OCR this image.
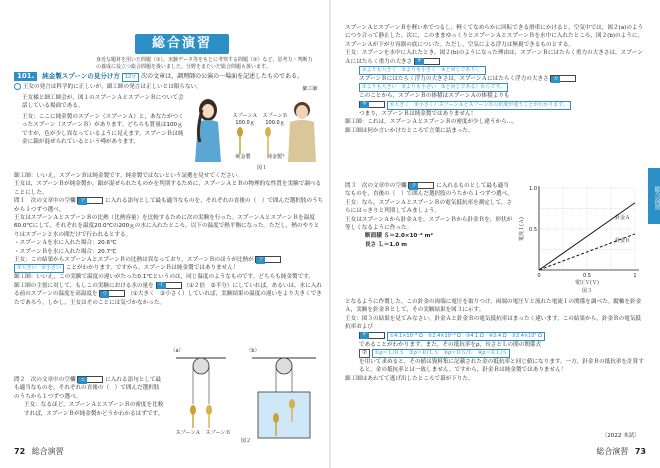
総合演習
身近な題材を用いた問題（①），実験データ等をもとに考察する問題（②）など，思考力・判断力の養成に役立つ総合問題を扱いました。分野をまたいだ総合問題も扱います。
101. 純金製スプーンの見分け方 12分 次の文章は，調理師の公演の一場面を記述したものである。
王女の発言は科学的に正しいが，細工師の発言は正しいとは限らない。
王女様と細工師会が，図１のスプーンＡとスプーンＢについて会話している場面である。
王女：ここに純金製のスプーン（スプーンＡ）と，あなたがつくったスプーン（スプーンＢ）があります。どちらも質量は100ｇですが，色が少し異なっているように見えます。スプーンＢは純金に銀が混ぜられているという噂があります。
スプーンＡ
100.0ｇ
スプーンＢ
100.0ｇ
純金製	純金製？
細工師
図１
細工師：いいえ，スプーンＢは純金製です。純金製ではないという証拠を見せてください。
王女は，スプーンＢが純金製か，銀が混ぜられたものかを判別するために，スプーンＡとＢの物理的な性質を実験で調べることにした。
問１　次の文章中の空欄 ア	に入れる語句として最も適当なものを，それぞれの直後の（　）で囲んだ選択肢のうちから１つずつ選べ。
王女はスプーンＡとスプーンＢの比熱（比熱容量）を比較するために次の実験を行った。スプーンＡとスプーンＢを温度60.0℃にして，それぞれを温度20.0℃の200ｇの水に入れたところ，以下の温度で熱平衡になった。ただし，熱のやりとりはスプーンと水の間だけで行われるとする。
・スプーンＡを水に入れた場合：20.6℃
・スプーンＢを水に入れた場合：20.7℃
王女：この結果からスプーンＡとスプーンＢの比熱は異なっており，スプーンＢのほうが比熱が ア
①大きい　②小さい ことがわかります。ですから，スプーンＢは純金製ではありません！
細工師：いいえ，この実験で温度の違いがたった0.1℃というのは，同じ温度のようなものです。どちらも純金製です。
細工師の主張に対して，もしこの実験における水の量を イ	（①２倍　②半分）にしていれば，あるいは，水に入れる前のスプーンの温度を高温度を ウ	（①大きく　②小さく）していれば，実験結果の温度の違いをより大きくできたであろう。しかし，王女はそのことには気づかなかった。
問２　次の文章中の空欄 エ	に入れる語句として最も適当なものを，それぞれの直後の（　）で囲んだ選択肢のうちから１つずつ選べ。
王女：なるほど，スプーンＡとスプーンＢの密度を比較すれば，スプーンＢが純金製かどうかわかるはずです。
（a）	（b）
スプーンＡ	スプーンＢ
図２
72 総合演習
スプーンＡとスプーンＢを軽い糸でつるし，軽くてなめらかに回転できる滑車にかけると，空気中では，図２(a)のようにつり合って静止した。次に，このままゆっくりとスプーンＡとスプーンＢを水中に入れたところ，図２(b)のように，スプーンＡが下がり容器の底についた。ただし，空気による浮力は無視できるものとする。
王女：スプーンを水中に入れたとき，図２(b)のようになった理由は，スプーンＢにはたらく重力の大きさは，スプーンＡにはたらく重力の大きさ オ
①よりも大きく　②よりも小さく　③と同じであり），
スプーンＢにはたらく浮力の大きさは，スプーンＡにはたらく浮力の大きさ カ
①よりも大きい　②よりも小さい　③と同じである）からです。
このことから，スプーンＢの体積はスプーンＡの体積よりも
キ	①大きく　②小さく）スプーンＡとスプーンＢの密度が違うことがわかります。
つまり，スプーンＢは純金製ではありません！
細工師：これは，スプーンＡとスプーンＢの密度が少し違うから…。
細工師は何か言いかけたところで言葉に詰まった。
問３　次の文章中の空欄 ク	に入れるものとして最も適当なものを，直後の（　）で囲んだ選択肢のうちから１つずつ選べ。
王女：なら，スプーンＡとスプーンＢの電気抵抗率を測定して，さらにはっきりと判別してみましょう。
王女はスプーンＡから針金Ａを，スプーンＢから針金Ｂを，形状が等しくなるように作った。
断面積 Ｓ＝2.0×10⁻⁸ m²
長さ Ｌ＝1.0 m
0	0.5	1
0.5
1.0
電圧Ｖ(Ｖ)
電流Ｉ(Ａ)	針金Ａ
針金Ｂ
図３
となるように作製した。この針金の両端に電圧を取りつけ，両端の電圧Ｖと流れた電流Ｉの関係を調べた。縦軸を針金Ａ，実験を針金Ｂとして，その実験結果を図３に示す。
王女：図３の結果を見てみなさい。針金Ａと針金Ｂの電気抵抗率はまったく違います。この結果から，針金Ｂの電気抵抗率および
ケ	①4.1×10⁻⁸ Ω　②2.4×10⁻⁸ Ω　③4.1 Ω　④2.4 Ω　⑤2.4×10⁷ Ω
であることがわかります。また，その抵抗率をρ，長さとＬの間の関係式
⑦ ①ρ＝Ｌ/ＲＳ　②ρ＝Ｒ/ＬＳ　③ρ＝ＲＳ/Ｌ　④ρ＝ＲＬ/Ｓ
を用いて求めると，その値は資料集に記載された金の抵抗率と同じ値になります。一方，針金Ｂの抵抗率を計算すると，金の抵抗率とは一致しません。ですから，針金Ｂは純金製ではありません！
細工師はあわてて逃げ出したところで幕が下りた。
〔2022 本試〕
総合演習
総合演習 73
